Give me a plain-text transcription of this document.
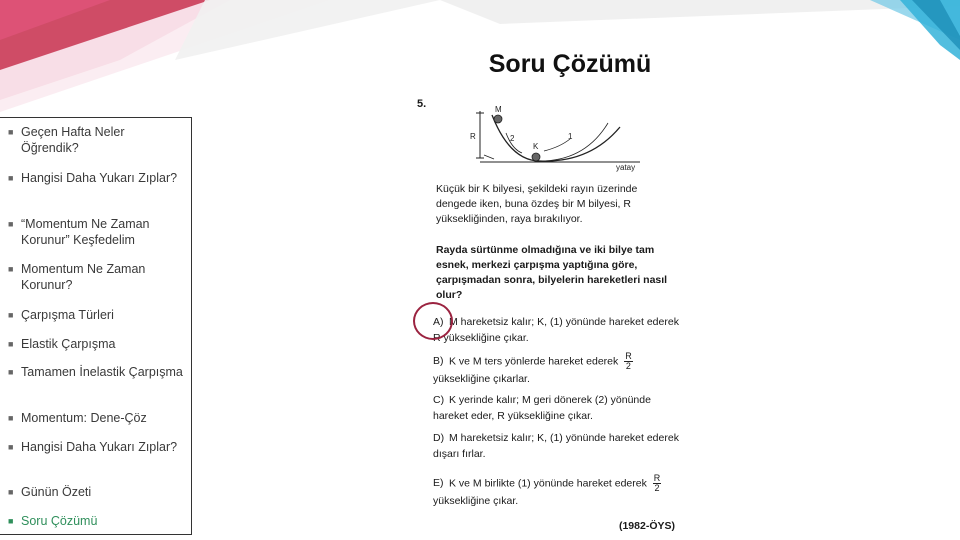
Soru Çözümü
■ Geçen Hafta Neler Öğrendik?
■ Hangisi Daha Yukarı Zıplar?
■ “Momentum Ne Zaman Korunur” Keşfedelim
■ Momentum Ne Zaman Korunur?
■ Çarpışma Türleri
■ Elastik Çarpışma
■ Tamamen İnelastik Çarpışma
■ Momentum: Dene-Çöz
■ Hangisi Daha Yukarı Zıplar?
■ Günün Özeti
■ Soru Çözümü
5.	M
R	2
K
1
yatay
Küçük bir K bilyesi, şekildeki rayın üzerinde dengede iken, buna özdeş bir M bilyesi, R yüksekliğinden, raya bırakılıyor.
Rayda sürtünme olmadığına ve iki bilye tam esnek, merkezi çarpışma yaptığına göre, çarpışmadan sonra, bilyelerin hareketleri nasıl olur?
A) M hareketsiz kalır; K, (1) yönünde hareket ederek R yüksekliğine çıkar.
B) K ve M ters yönlerde hareket ederek $\frac{R}{2}$
yüksekliğine çıkarlar.
C) K yerinde kalır; M geri dönerek (2) yönünde hareket eder, R yüksekliğine çıkar.
D) M hareketsiz kalır; K, (1) yönünde hareket ederek dışarı fırlar.
E) K ve M birlikte (1) yönünde hareket ederek $\frac{R}{2}$
yüksekliğine çıkar.
(1982-ÖYS)
